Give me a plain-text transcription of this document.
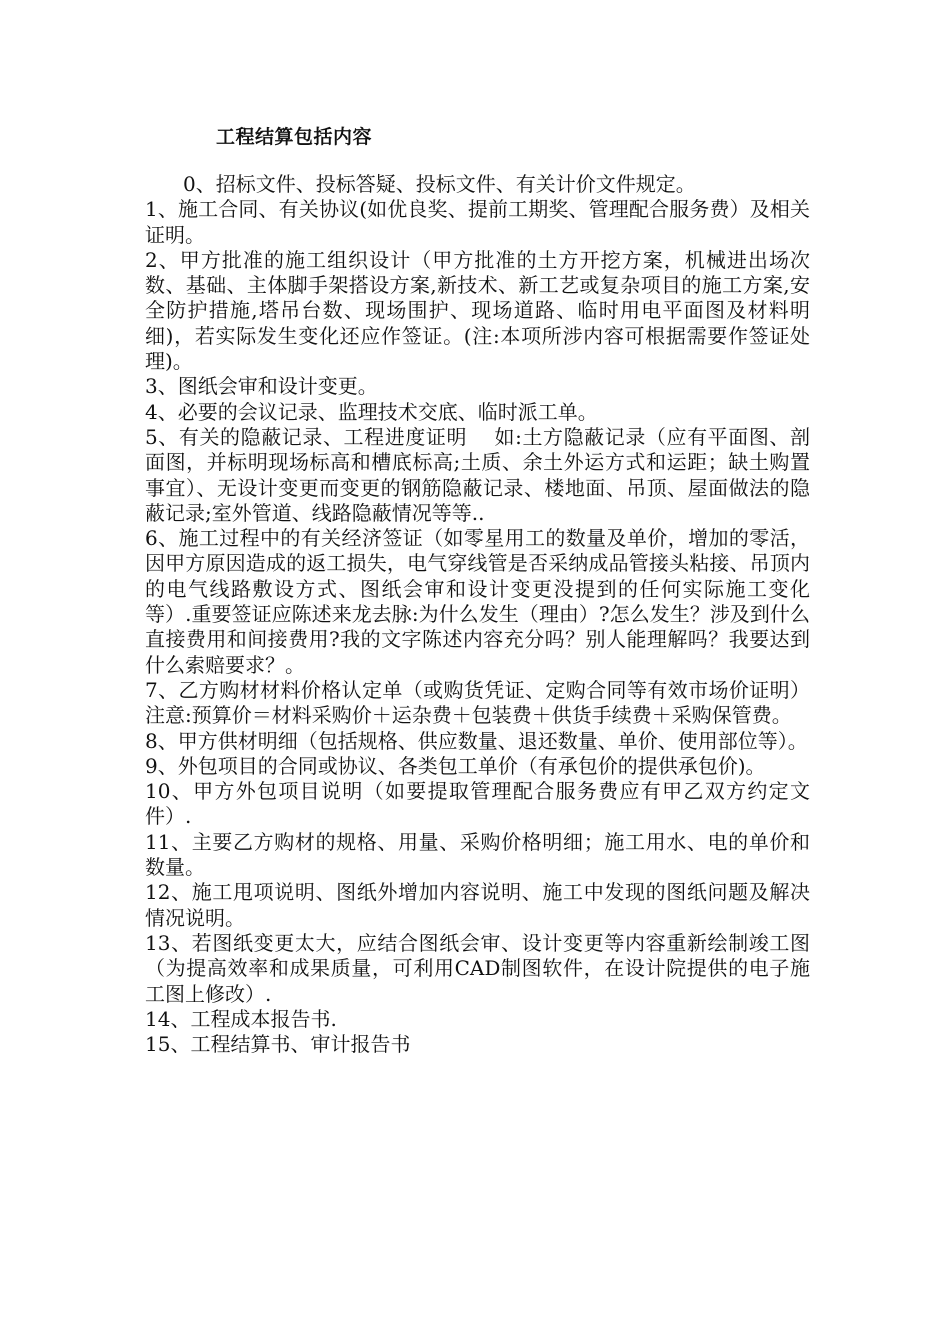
工程结算包括内容

0、招标文件、投标答疑、投标文件、有关计价文件规定。

1、施工合同、有关协议(如优良奖、提前工期奖、管理配合服务费）及相关证明。

2、甲方批准的施工组织设计（甲方批准的土方开挖方案，机械进出场次数、基础、主体脚手架搭设方案,新技术、新工艺或复杂项目的施工方案,安全防护措施,塔吊台数、现场围护、现场道路、临时用电平面图及材料明细)，若实际发生变化还应作签证。(注:本项所涉内容可根据需要作签证处理)。

3、图纸会审和设计变更。

4、必要的会议记录、监理技术交底、临时派工单。

5、有关的隐蔽记录、工程进度证明　 如:土方隐蔽记录（应有平面图、剖面图，并标明现场标高和槽底标高;土质、余土外运方式和运距；缺土购置事宜）、无设计变更而变更的钢筋隐蔽记录、楼地面、吊顶、屋面做法的隐蔽记录;室外管道、线路隐蔽情况等等..

6、施工过程中的有关经济签证（如零星用工的数量及单价，增加的零活，因甲方原因造成的返工损失，电气穿线管是否采纳成品管接头粘接、吊顶内的电气线路敷设方式、图纸会审和设计变更没提到的任何实际施工变化等）.重要签证应陈述来龙去脉:为什么发生（理由）?怎么发生？涉及到什么直接费用和间接费用?我的文字陈述内容充分吗？别人能理解吗？我要达到什么索赔要求？。

7、乙方购材材料价格认定单（或购货凭证、定购合同等有效市场价证明）注意:预算价＝材料采购价＋运杂费＋包装费＋供货手续费＋采购保管费。

8、甲方供材明细（包括规格、供应数量、退还数量、单价、使用部位等）。

9、外包项目的合同或协议、各类包工单价（有承包价的提供承包价)。

10、甲方外包项目说明（如要提取管理配合服务费应有甲乙双方约定文件）.

11、主要乙方购材的规格、用量、采购价格明细；施工用水、电的单价和数量。

12、施工甩项说明、图纸外增加内容说明、施工中发现的图纸问题及解决情况说明。

13、若图纸变更太大，应结合图纸会审、设计变更等内容重新绘制竣工图（为提高效率和成果质量，可利用CAD制图软件，在设计院提供的电子施工图上修改）.

14、工程成本报告书.

15、工程结算书、审计报告书
